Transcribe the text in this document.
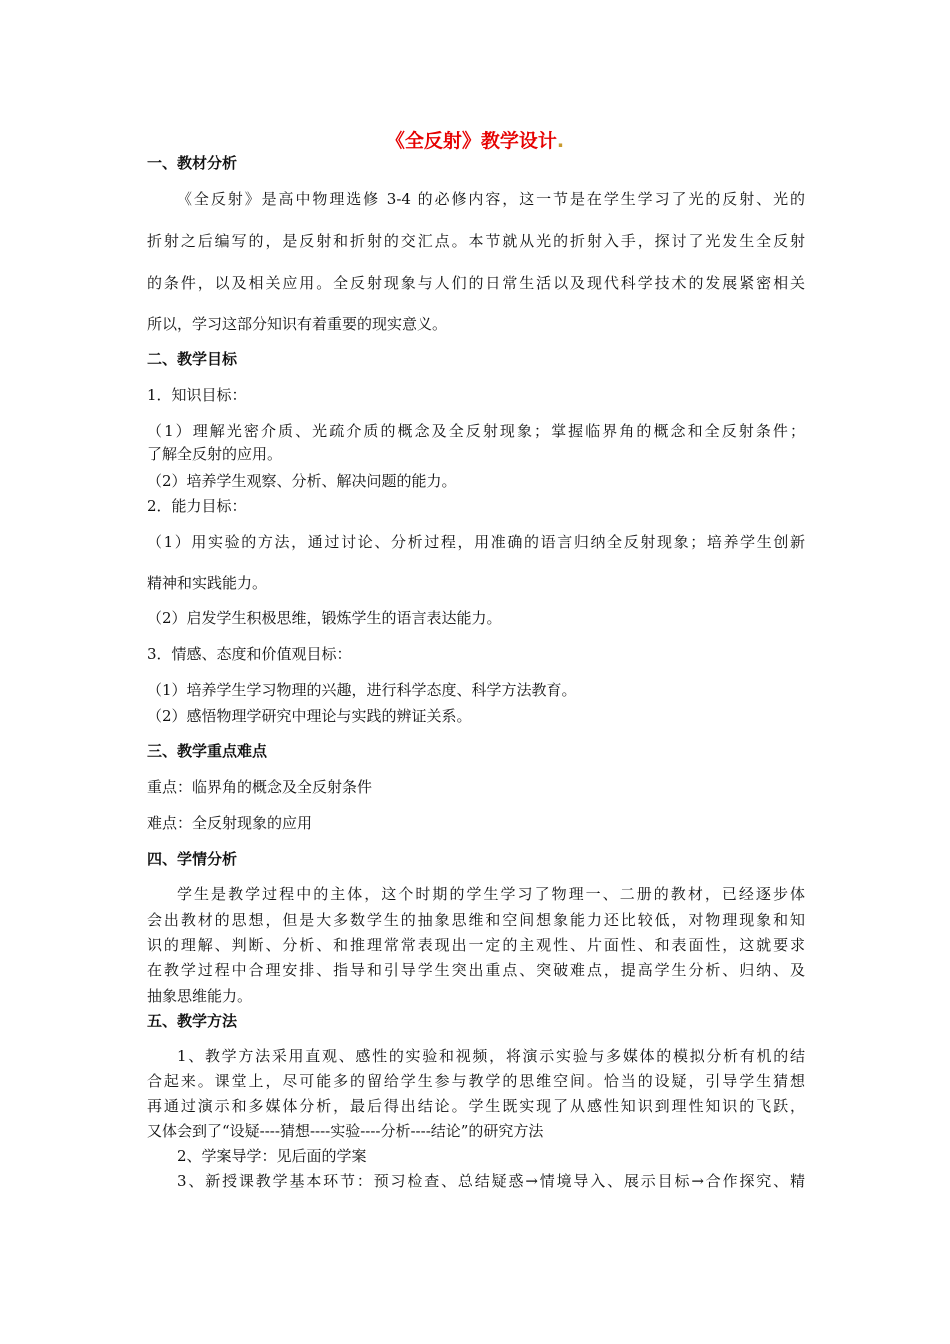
《全反射》教学设计.
一、教材分析
《全反射》是高中物理选修 3-4 的必修内容，这一节是在学生学习了光的反射、光的
折射之后编写的，是反射和折射的交汇点。本节就从光的折射入手，探讨了光发生全反射
的条件，以及相关应用。全反射现象与人们的日常生活以及现代科学技术的发展紧密相关
所以，学习这部分知识有着重要的现实意义。
二、教学目标
1．知识目标：
（1）理解光密介质、光疏介质的概念及全反射现象；掌握临界角的概念和全反射条件；
了解全反射的应用。
（2）培养学生观察、分析、解决问题的能力。
2．能力目标：
（1）用实验的方法，通过讨论、分析过程，用准确的语言归纳全反射现象；培养学生创新
精神和实践能力。
（2）启发学生积极思维，锻炼学生的语言表达能力。
3．情感、态度和价值观目标：
（1）培养学生学习物理的兴趣，进行科学态度、科学方法教育。
（2）感悟物理学研究中理论与实践的辨证关系。
三、教学重点难点
重点：临界角的概念及全反射条件
难点：全反射现象的应用
四、学情分析
学生是教学过程中的主体，这个时期的学生学习了物理一、二册的教材，已经逐步体
会出教材的思想，但是大多数学生的抽象思维和空间想象能力还比较低，对物理现象和知
识的理解、判断、分析、和推理常常表现出一定的主观性、片面性、和表面性，这就要求
在教学过程中合理安排、指导和引导学生突出重点、突破难点，提高学生分析、归纳、及
抽象思维能力。
五、教学方法
1、教学方法采用直观、感性的实验和视频，将演示实验与多媒体的模拟分析有机的结
合起来。课堂上，尽可能多的留给学生参与教学的思维空间。恰当的设疑，引导学生猜想
再通过演示和多媒体分析，最后得出结论。学生既实现了从感性知识到理性知识的飞跃，
又体会到了“设疑----猜想----实验----分析----结论”的研究方法
2、学案导学：见后面的学案
3、新授课教学基本环节：预习检查、总结疑惑→情境导入、展示目标→合作探究、精
